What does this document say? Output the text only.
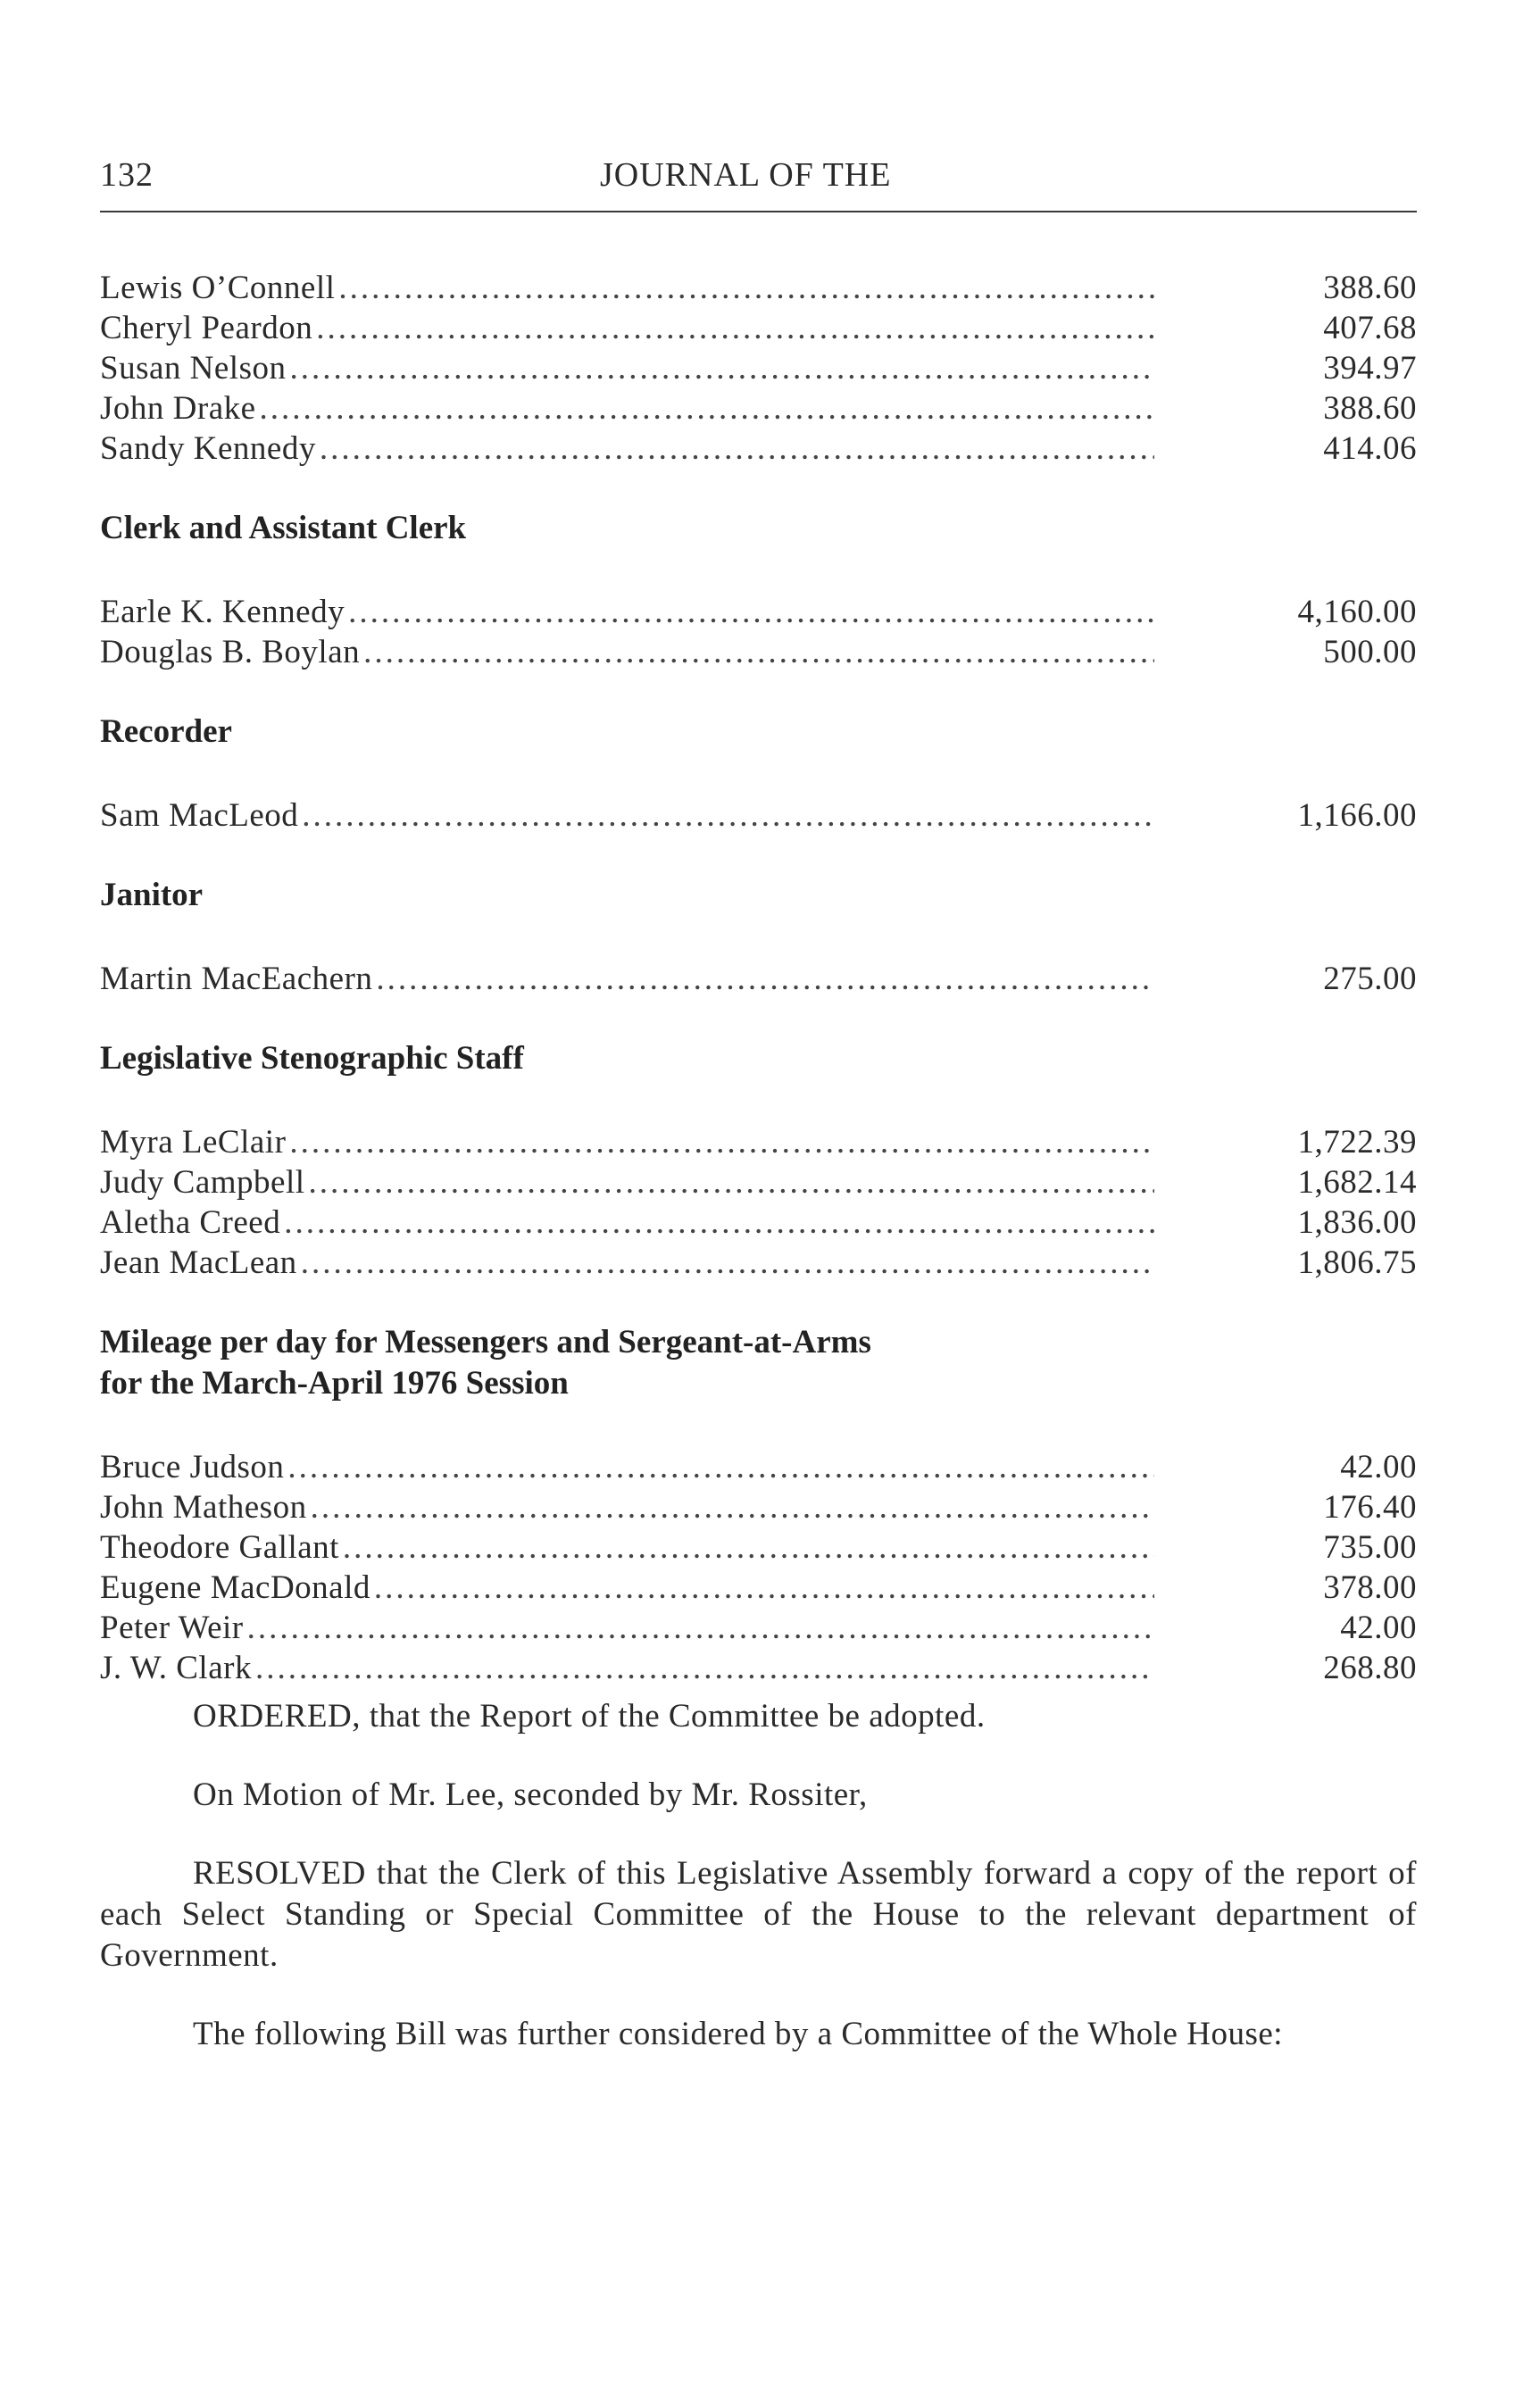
132	JOURNAL OF THE
Lewis O’Connell .....	388.60
Cheryl Peardon .....	407.68
Susan Nelson .....	394.97
John Drake .....	388.60
Sandy Kennedy .....	414.06
Clerk and Assistant Clerk
Earle K. Kennedy .....	4,160.00
Douglas B. Boylan .....	500.00
Recorder
Sam MacLeod .....	1,166.00
Janitor
Martin MacEachern .....	275.00
Legislative Stenographic Staff
Myra LeClair .....	1,722.39
Judy Campbell .....	1,682.14
Aletha Creed .....	1,836.00
Jean MacLean .....	1,806.75
Mileage per day for Messengers and Sergeant-at-Arms
for the March-April 1976 Session
Bruce Judson .....	42.00
John Matheson .....	176.40
Theodore Gallant .....	735.00
Eugene MacDonald .....	378.00
Peter Weir .....	42.00
J. W. Clark .....	268.80

ORDERED, that the Report of the Committee be adopted.

On Motion of Mr. Lee, seconded by Mr. Rossiter,

RESOLVED that the Clerk of this Legislative Assembly forward a copy of the report of each Select Standing or Special Committee of the House to the relevant department of Government.

The following Bill was further considered by a Committee of the Whole House:
